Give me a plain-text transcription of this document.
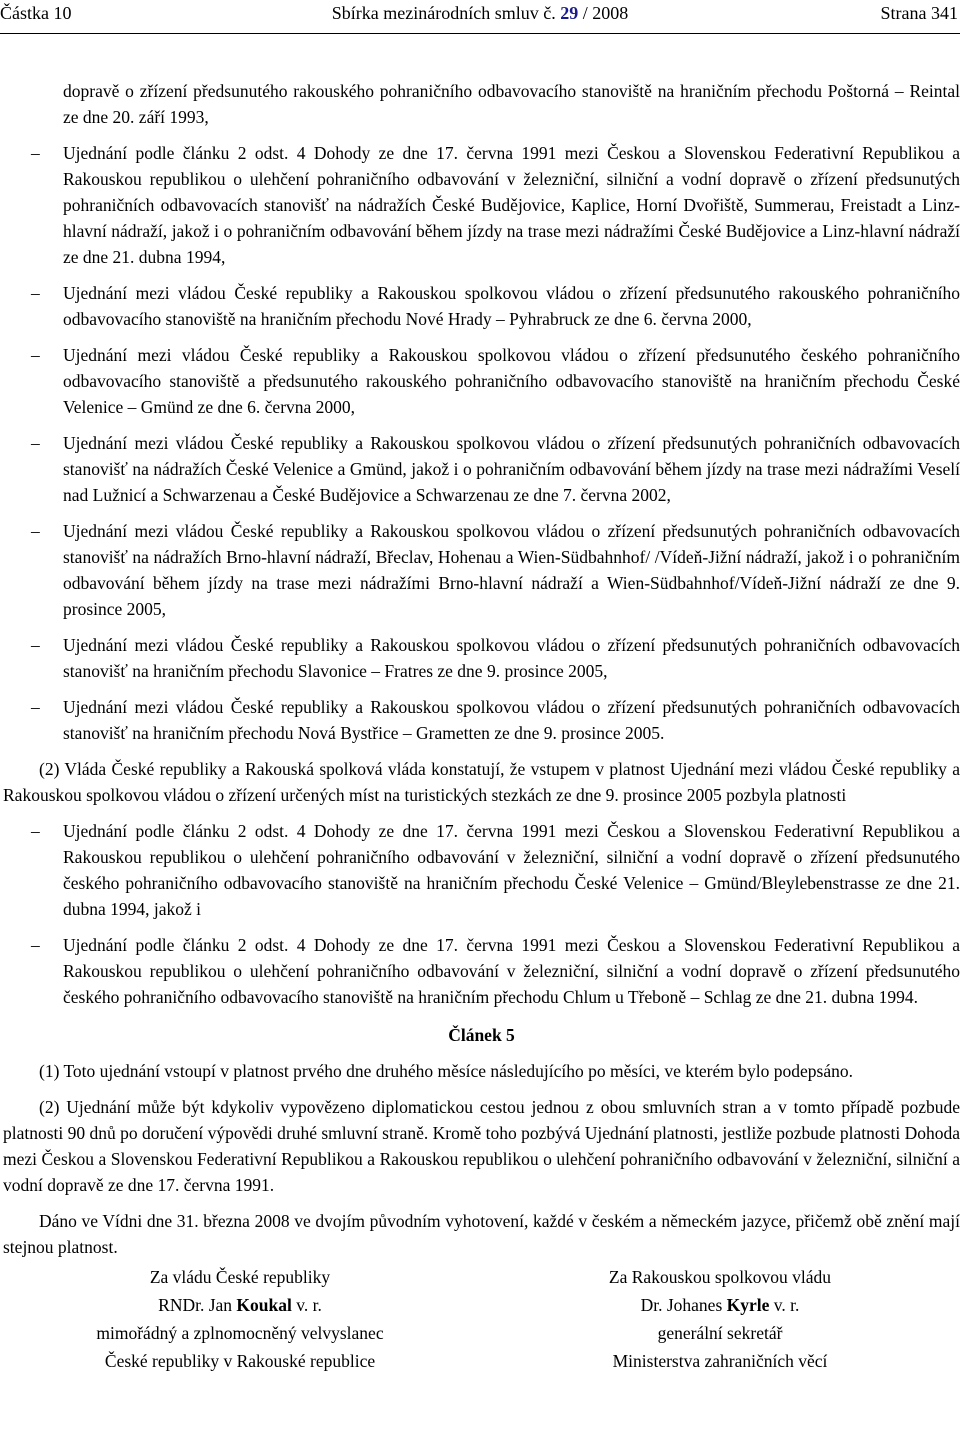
Částka 10	Sbírka mezinárodních smluv č. 29 / 2008	Strana 341
dopravě o zřízení předsunutého rakouského pohraničního odbavovacího stanoviště na hraničním přechodu Poštorná – Reintal ze dne 20. září 1993,
– Ujednání podle článku 2 odst. 4 Dohody ze dne 17. června 1991 mezi Českou a Slovenskou Federativní Republikou a Rakouskou republikou o ulehčení pohraničního odbavování v železniční, silniční a vodní dopravě o zřízení předsunutých pohraničních odbavovacích stanovišť na nádražích České Budějovice, Kaplice, Horní Dvořiště, Summerau, Freistadt a Linz-hlavní nádraží, jakož i o pohraničním odbavování během jízdy na trase mezi nádražími České Budějovice a Linz-hlavní nádraží ze dne 21. dubna 1994,
– Ujednání mezi vládou České republiky a Rakouskou spolkovou vládou o zřízení předsunutého rakouského pohraničního odbavovacího stanoviště na hraničním přechodu Nové Hrady – Pyhrabruck ze dne 6. června 2000,
– Ujednání mezi vládou České republiky a Rakouskou spolkovou vládou o zřízení předsunutého českého pohraničního odbavovacího stanoviště a předsunutého rakouského pohraničního odbavovacího stanoviště na hraničním přechodu České Velenice – Gmünd ze dne 6. června 2000,
– Ujednání mezi vládou České republiky a Rakouskou spolkovou vládou o zřízení předsunutých pohraničních odbavovacích stanovišť na nádražích České Velenice a Gmünd, jakož i o pohraničním odbavování během jízdy na trase mezi nádražími Veselí nad Lužnicí a Schwarzenau a České Budějovice a Schwarzenau ze dne 7. června 2002,
– Ujednání mezi vládou České republiky a Rakouskou spolkovou vládou o zřízení předsunutých pohraničních odbavovacích stanovišť na nádražích Brno-hlavní nádraží, Břeclav, Hohenau a Wien-Südbahnhof/ /Vídeň-Jižní nádraží, jakož i o pohraničním odbavování během jízdy na trase mezi nádražími Brno-hlavní nádraží a Wien-Südbahnhof/Vídeň-Jižní nádraží ze dne 9. prosince 2005,
– Ujednání mezi vládou České republiky a Rakouskou spolkovou vládou o zřízení předsunutých pohraničních odbavovacích stanovišť na hraničním přechodu Slavonice – Fratres ze dne 9. prosince 2005,
– Ujednání mezi vládou České republiky a Rakouskou spolkovou vládou o zřízení předsunutých pohraničních odbavovacích stanovišť na hraničním přechodu Nová Bystřice – Grametten ze dne 9. prosince 2005.
(2) Vláda České republiky a Rakouská spolková vláda konstatují, že vstupem v platnost Ujednání mezi vládou České republiky a Rakouskou spolkovou vládou o zřízení určených míst na turistických stezkách ze dne 9. prosince 2005 pozbyla platnosti
– Ujednání podle článku 2 odst. 4 Dohody ze dne 17. června 1991 mezi Českou a Slovenskou Federativní Republikou a Rakouskou republikou o ulehčení pohraničního odbavování v železniční, silniční a vodní dopravě o zřízení předsunutého českého pohraničního odbavovacího stanoviště na hraničním přechodu České Velenice – Gmünd/Bleylebenstrasse ze dne 21. dubna 1994, jakož i
– Ujednání podle článku 2 odst. 4 Dohody ze dne 17. června 1991 mezi Českou a Slovenskou Federativní Republikou a Rakouskou republikou o ulehčení pohraničního odbavování v železniční, silniční a vodní dopravě o zřízení předsunutého českého pohraničního odbavovacího stanoviště na hraničním přechodu Chlum u Třeboně – Schlag ze dne 21. dubna 1994.
Článek 5
(1) Toto ujednání vstoupí v platnost prvého dne druhého měsíce následujícího po měsíci, ve kterém bylo podepsáno.
(2) Ujednání může být kdykoliv vypovězeno diplomatickou cestou jednou z obou smluvních stran a v tomto případě pozbude platnosti 90 dnů po doručení výpovědi druhé smluvní straně. Kromě toho pozbývá Ujednání platnosti, jestliže pozbude platnosti Dohoda mezi Českou a Slovenskou Federativní Republikou a Rakouskou republikou o ulehčení pohraničního odbavování v železniční, silniční a vodní dopravě ze dne 17. června 1991.
Dáno ve Vídni dne 31. března 2008 ve dvojím původním vyhotovení, každé v českém a německém jazyce, přičemž obě znění mají stejnou platnost.
Za vládu České republiky
RNDr. Jan Koukal v. r.
mimořádný a zplnomocněný velvyslanec
České republiky v Rakouské republice
Za Rakouskou spolkovou vládu
Dr. Johanes Kyrle v. r.
generální sekretář
Ministerstva zahraničních věcí
